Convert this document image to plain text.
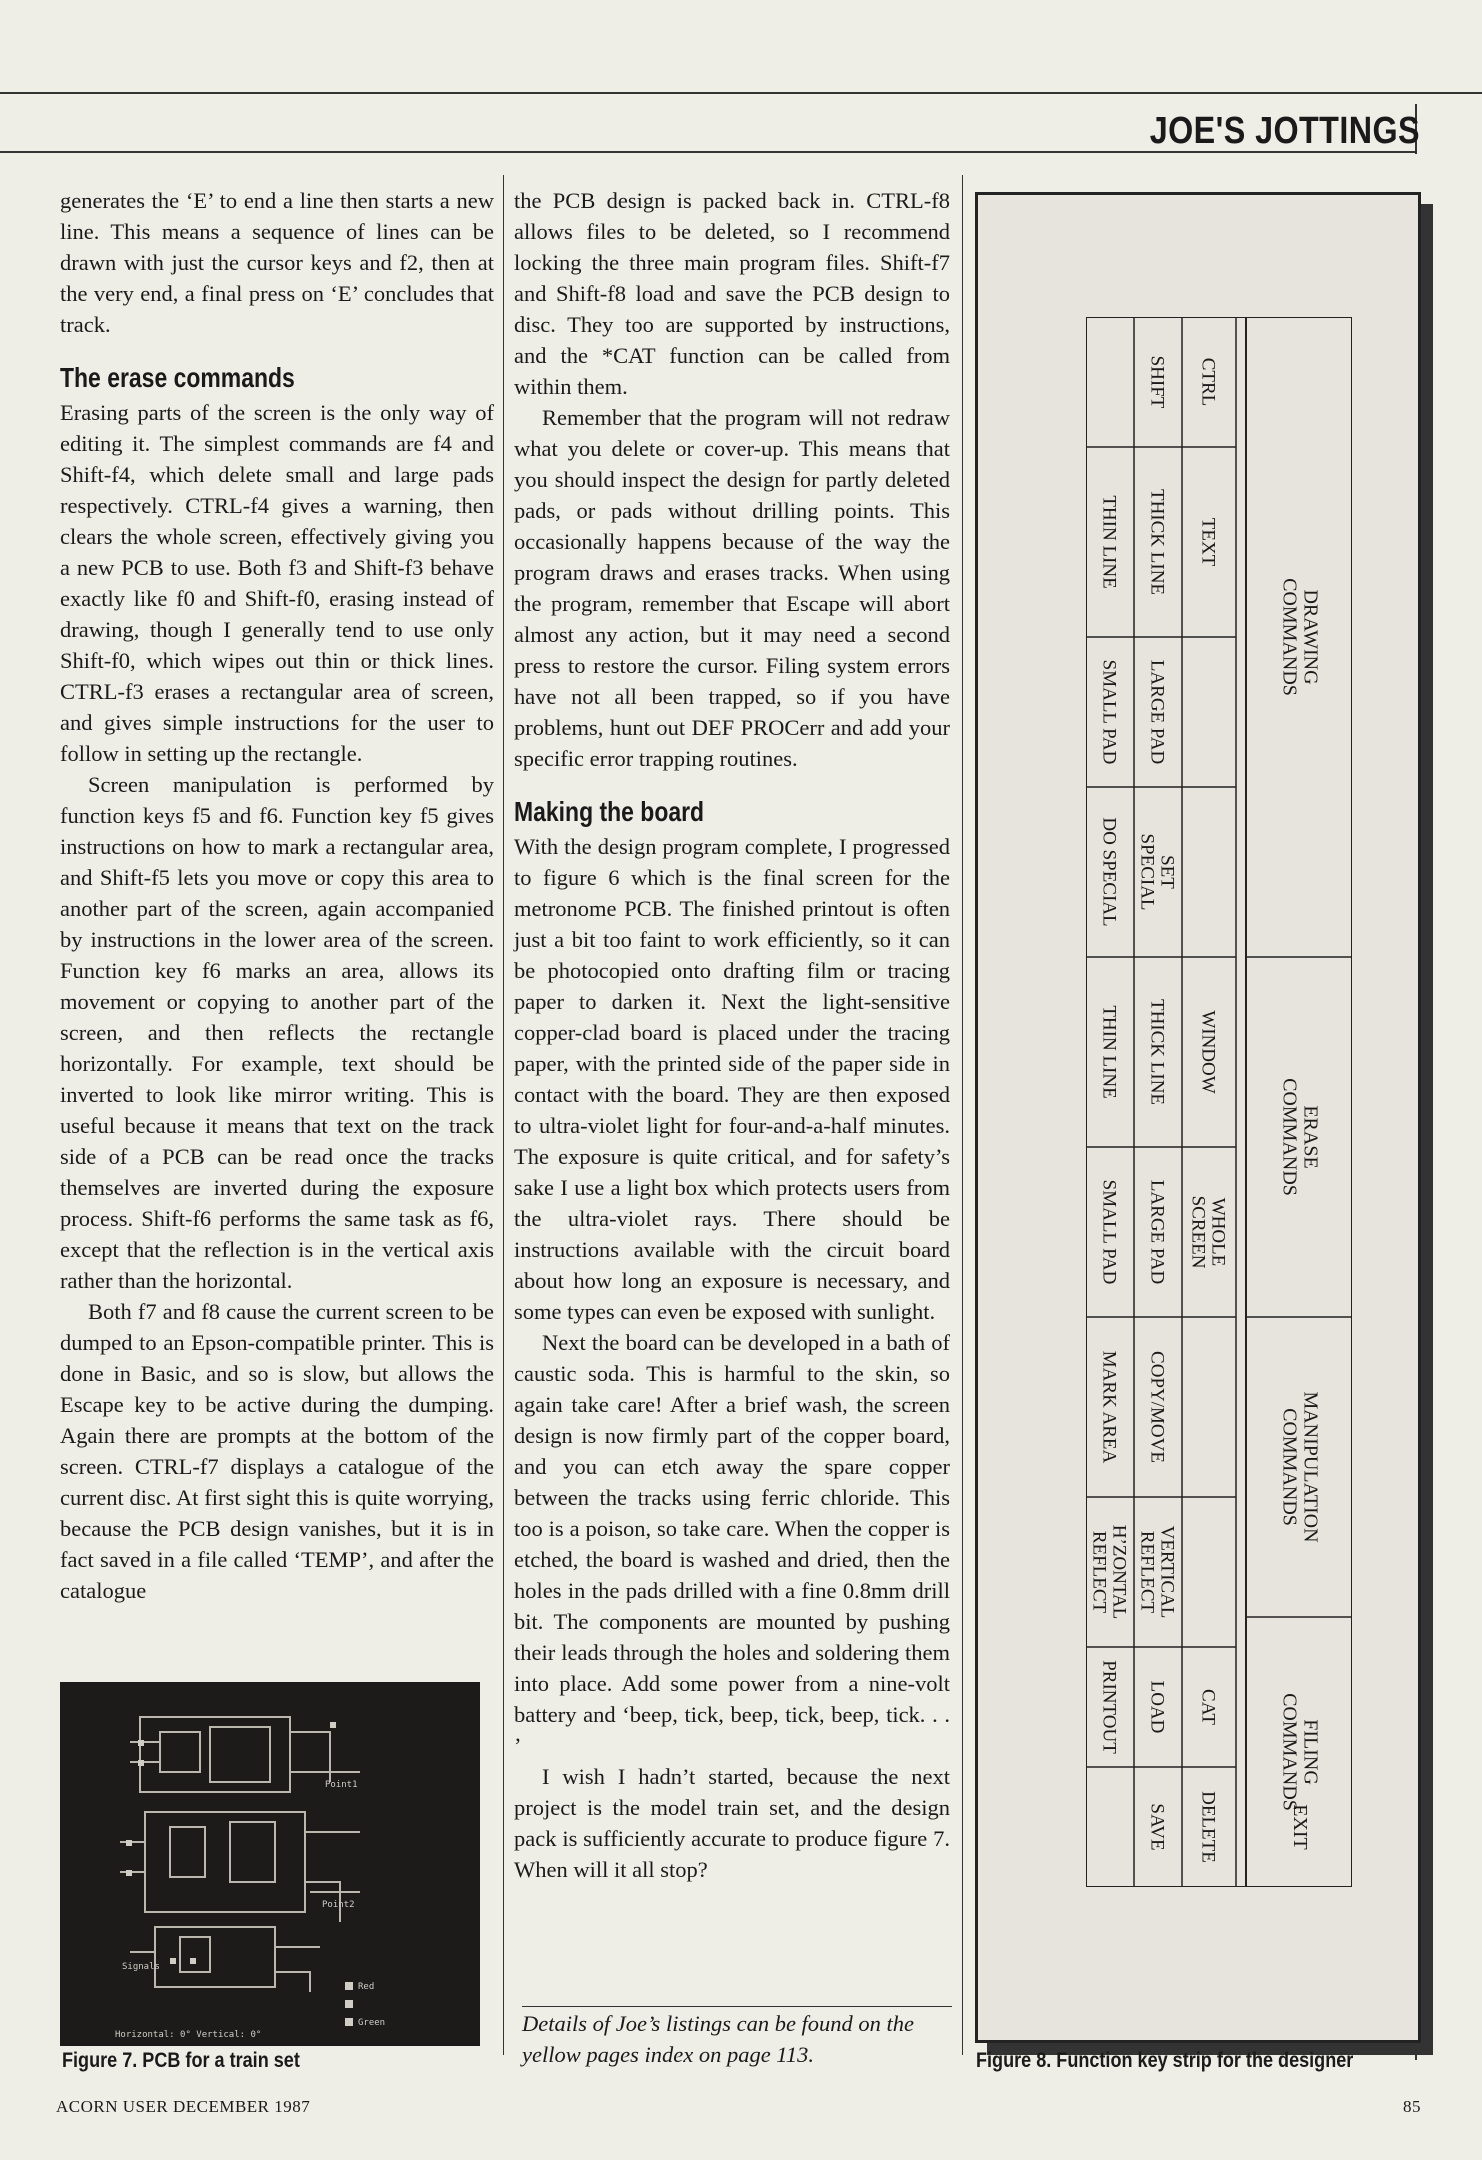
JOE'S JOTTINGS

generates the ‘E’ to end a line then starts a new line. This means a sequence of lines can be drawn with just the cursor keys and f2, then at the very end, a final press on ‘E’ concludes that track.

The erase commands

Erasing parts of the screen is the only way of editing it. The simplest commands are f4 and Shift-f4, which delete small and large pads respectively. CTRL-f4 gives a warning, then clears the whole screen, effectively giving you a new PCB to use. Both f3 and Shift-f3 behave exactly like f0 and Shift-f0, erasing instead of drawing, though I generally tend to use only Shift-f0, which wipes out thin or thick lines. CTRL-f3 erases a rectangular area of screen, and gives simple instructions for the user to follow in setting up the rectangle.

Screen manipulation is performed by function keys f5 and f6. Function key f5 gives instructions on how to mark a rectangular area, and Shift-f5 lets you move or copy this area to another part of the screen, again accompanied by instructions in the lower area of the screen. Function key f6 marks an area, allows its movement or copying to another part of the screen, and then reflects the rectangle horizontally. For example, text should be inverted to look like mirror writing. This is useful because it means that text on the track side of a PCB can be read once the tracks themselves are inverted during the exposure process. Shift-f6 performs the same task as f6, except that the reflection is in the vertical axis rather than the horizontal.

Both f7 and f8 cause the current screen to be dumped to an Epson-compatible printer. This is done in Basic, and so is slow, but allows the Escape key to be active during the dumping. Again there are prompts at the bottom of the screen. CTRL-f7 displays a catalogue of the current disc. At first sight this is quite worrying, because the PCB design vanishes, but it is in fact saved in a file called ‘TEMP’, and after the catalogue

Point1
Point2
Signals
Red
Green
Horizontal: 0° Vertical: 0°
Figure 7. PCB for a train set

the PCB design is packed back in. CTRL-f8 allows files to be deleted, so I recommend locking the three main program files. Shift-f7 and Shift-f8 load and save the PCB design to disc. They too are supported by instructions, and the *CAT function can be called from within them.

Remember that the program will not redraw what you delete or cover-up. This means that you should inspect the design for partly deleted pads, or pads without drilling points. This occasionally happens because of the way the program draws and erases tracks. When using the program, remember that Escape will abort almost any action, but it may need a second press to restore the cursor. Filing system errors have not all been trapped, so if you have problems, hunt out DEF PROCerr and add your specific error trapping routines.

Making the board

With the design program complete, I progressed to figure 6 which is the final screen for the metronome PCB. The finished printout is often just a bit too faint to work efficiently, so it can be photocopied onto drafting film or tracing paper to darken it. Next the light-sensitive copper-clad board is placed under the tracing paper, with the printed side of the paper side in contact with the board. They are then exposed to ultra-violet light for four-and-a-half minutes. The exposure is quite critical, and for safety’s sake I use a light box which protects users from the ultra-violet rays. There should be instructions available with the circuit board about how long an exposure is necessary, and some types can even be exposed with sunlight.

Next the board can be developed in a bath of caustic soda. This is harmful to the skin, so again take care! After a brief wash, the screen design is now firmly part of the copper board, and you can etch away the spare copper between the tracks using ferric chloride. This too is a poison, so take care. When the copper is etched, the board is washed and dried, then the holes in the pads drilled with a fine 0.8mm drill bit. The components are mounted by pushing their leads through the holes and soldering them into place. Add some power from a nine-volt battery and ‘beep, tick, beep, tick, beep, tick. . . ’

I wish I hadn’t started, because the next project is the model train set, and the design pack is sufficiently accurate to produce figure 7. When will it all stop?

Details of Joe’s listings can be found on the yellow pages index on page 113.
DRAWING
COMMANDS
ERASE
COMMANDS
MANIPULATION
COMMANDS
FILING
COMMANDS
EXIT
CTRL
SHIFT
TEXT
THICK LINE
THIN LINE
LARGE PAD
SMALL PAD
SET
SPECIAL
DO SPECIAL
WINDOW
THICK LINE
THIN LINE
WHOLE
SCREEN
LARGE PAD
SMALL PAD
COPY/MOVE
MARK AREA
VERTICAL
REFLECT
H’ZONTAL
REFLECT
CAT
LOAD
PRINTOUT
DELETE
SAVE
Figure 8. Function key strip for the designer
ACORN USER DECEMBER 1987	85
